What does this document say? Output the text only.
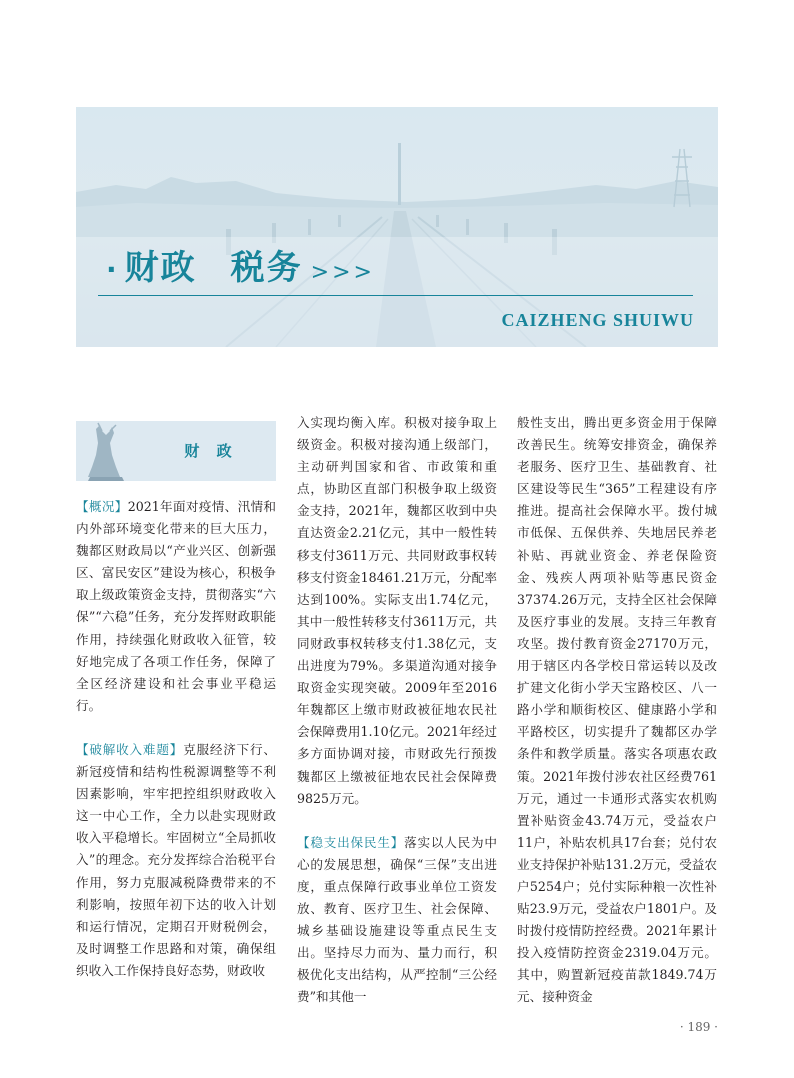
· 财政 税务 >>>
CAIZHENG SHUIWU
财 政

【概况】2021年面对疫情、汛情和内外部环境变化带来的巨大压力，魏都区财政局以“产业兴区、创新强区、富民安区”建设为核心，积极争取上级政策资金支持，贯彻落实“六保”“六稳”任务，充分发挥财政职能作用，持续强化财政收入征管，较好地完成了各项工作任务，保障了全区经济建设和社会事业平稳运行。

【破解收入难题】克服经济下行、新冠疫情和结构性税源调整等不利因素影响，牢牢把控组织财政收入这一中心工作，全力以赴实现财政收入平稳增长。牢固树立“全局抓收入”的理念。充分发挥综合治税平台作用，努力克服减税降费带来的不利影响，按照年初下达的收入计划和运行情况，定期召开财税例会，及时调整工作思路和对策，确保组织收入工作保持良好态势，财政收

入实现均衡入库。积极对接争取上级资金。积极对接沟通上级部门，主动研判国家和省、市政策和重点，协助区直部门积极争取上级资金支持，2021年，魏都区收到中央直达资金2.21亿元，其中一般性转移支付3611万元、共同财政事权转移支付资金18461.21万元，分配率达到100%。实际支出1.74亿元，其中一般性转移支付3611万元，共同财政事权转移支付1.38亿元，支出进度为79%。多渠道沟通对接争取资金实现突破。2009年至2016年魏都区上缴市财政被征地农民社会保障费用1.10亿元。2021年经过多方面协调对接，市财政先行预拨魏都区上缴被征地农民社会保障费9825万元。

【稳支出保民生】落实以人民为中心的发展思想，确保“三保”支出进度，重点保障行政事业单位工资发放、教育、医疗卫生、社会保障、城乡基础设施建设等重点民生支出。坚持尽力而为、量力而行，积极优化支出结构，从严控制“三公经费”和其他一

般性支出，腾出更多资金用于保障改善民生。统筹安排资金，确保养老服务、医疗卫生、基础教育、社区建设等民生“365”工程建设有序推进。提高社会保障水平。拨付城市低保、五保供养、失地居民养老补贴、再就业资金、养老保险资金、残疾人两项补贴等惠民资金37374.26万元，支持全区社会保障及医疗事业的发展。支持三年教育攻坚。拨付教育资金27170万元，用于辖区内各学校日常运转以及改扩建文化街小学天宝路校区、八一路小学和顺街校区、健康路小学和平路校区，切实提升了魏都区办学条件和教学质量。落实各项惠农政策。2021年拨付涉农社区经费761万元，通过一卡通形式落实农机购置补贴资金43.74万元，受益农户11户，补贴农机具17台套；兑付农业支持保护补贴131.2万元，受益农户5254户；兑付实际种粮一次性补贴23.9万元，受益农户1801户。及时拨付疫情防控经费。2021年累计投入疫情防控资金2319.04万元。其中，购置新冠疫苗款1849.74万元、接种资金

· 189 ·
